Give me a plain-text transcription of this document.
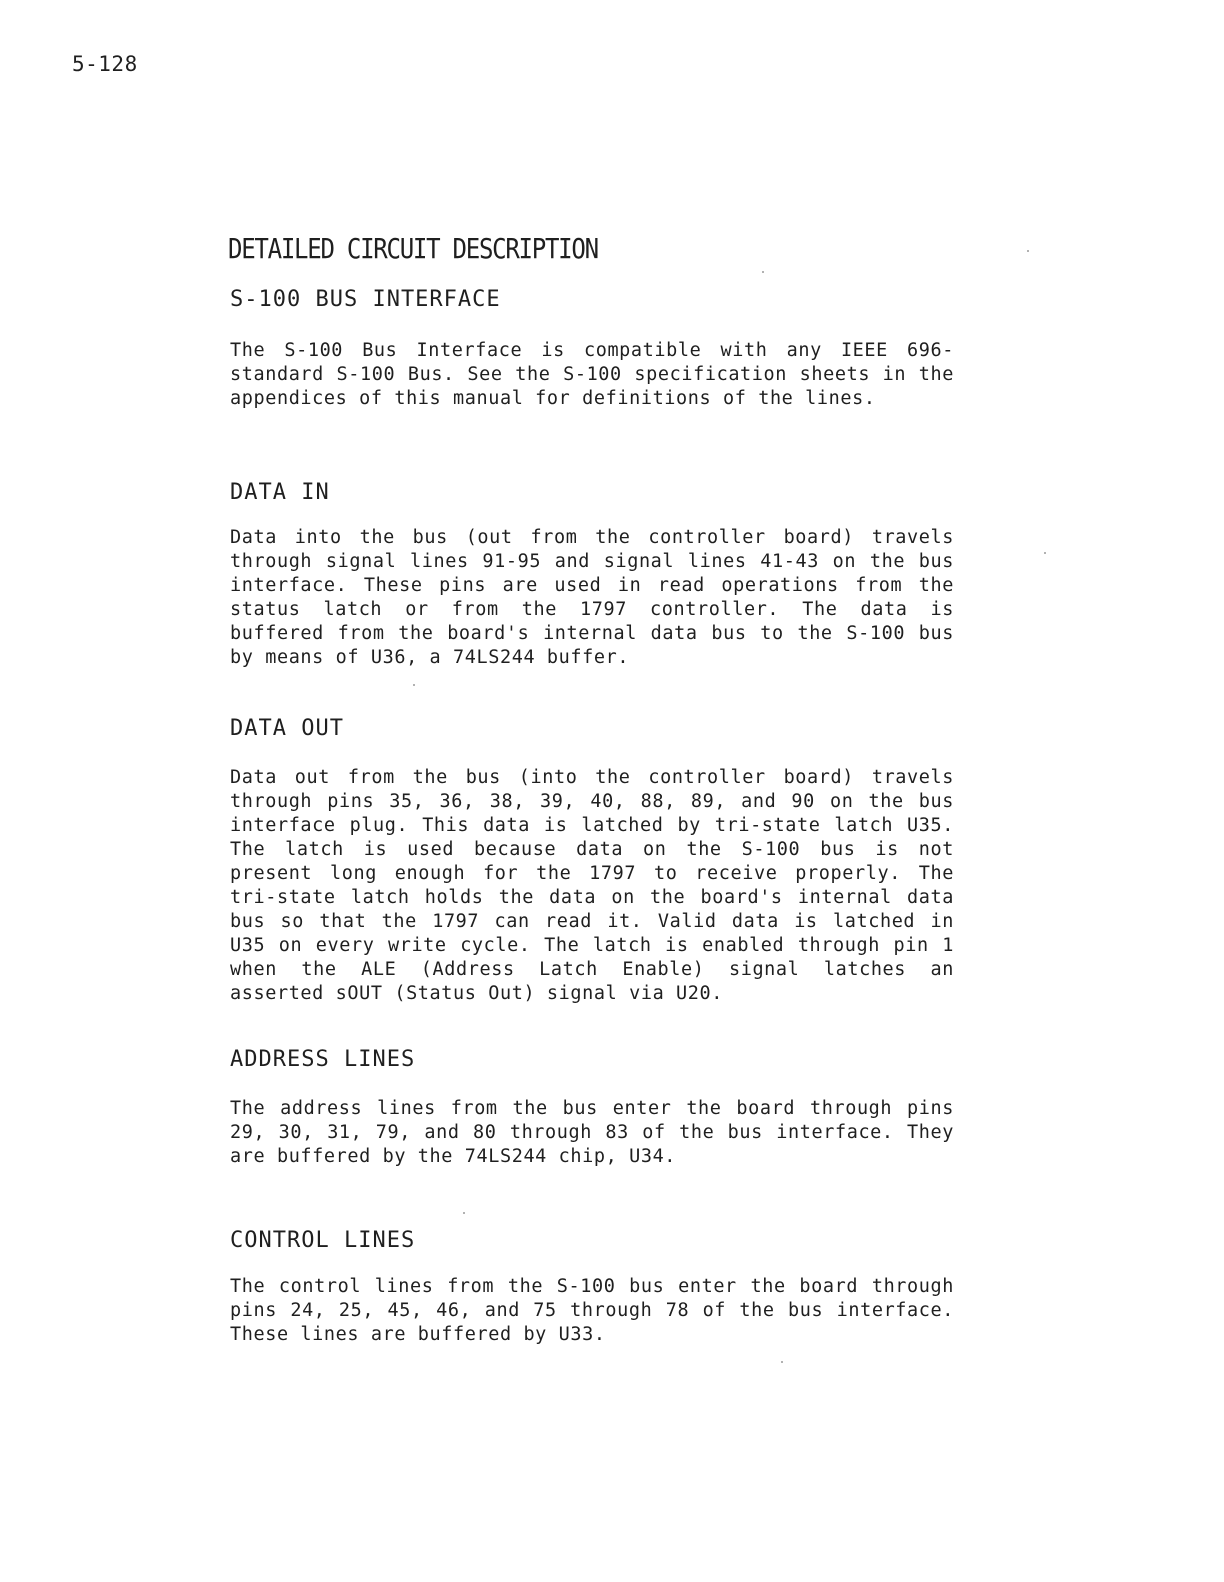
5-128
DETAILED CIRCUIT DESCRIPTION
S-100 BUS INTERFACE

The S-100 Bus Interface is compatible with any IEEE 696-standard S-100 Bus. See the S-100 specification sheets in the appendices of this manual for definitions of the lines.

DATA IN

Data into the bus (out from the controller board) travels through signal lines 91-95 and signal lines 41-43 on the bus interface. These pins are used in read operations from the status latch or from the 1797 controller. The data is buffered from the board's internal data bus to the S-100 bus by means of U36, a 74LS244 buffer.

DATA OUT

Data out from the bus (into the controller board) travels through pins 35, 36, 38, 39, 40, 88, 89, and 90 on the bus interface plug. This data is latched by tri-state latch U35. The latch is used because data on the S-100 bus is not present long enough for the 1797 to receive properly. The tri-state latch holds the data on the board's internal data bus so that the 1797 can read it. Valid data is latched in U35 on every write cycle. The latch is enabled through pin 1 when the ALE (Address Latch Enable) signal latches an asserted sOUT (Status Out) signal via U20.

ADDRESS LINES

The address lines from the bus enter the board through pins 29, 30, 31, 79, and 80 through 83 of the bus interface. They are buffered by the 74LS244 chip, U34.

CONTROL LINES

The control lines from the S-100 bus enter the board through pins 24, 25, 45, 46, and 75 through 78 of the bus interface. These lines are buffered by U33.
